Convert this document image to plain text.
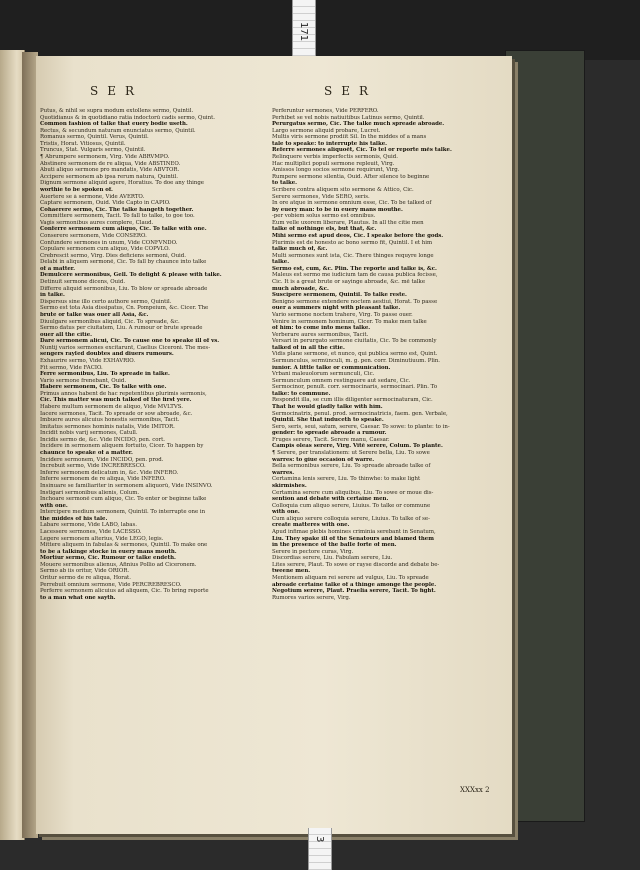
171
SER	SER
Putus, & nihil se supra modum extollens sermo, Quintil.
Quotidianus & in quotidiano ratia indoctorũ cadis sermo, Quint.
Common fashion of talke that euery bodie useth.
Rectus, & secundum naturam enunciatus sermo, Quintil.
Romanus sermo, Quintil. Verus, Quintil.
Tristis, Horat. Vitiosus, Quintil.
Truncus, Stat. Vulgaris sermo, Quintil.
¶ Abrumpere sermonem, Virg. Vide ABRVMPO.
Abstinere sermonem de re aliqua, Vide ABSTINEO.
Abuti aliquo sermone pro mandatis, Vide ABVTOR.
Accipere sermonem ab ipsa rerum natura, Quintil.
Dignum sermone aliquid agere, Horatius. To doe any thinge
worthie to be spoken of.
Auertere se à sermone, Vide AVERTO.
Captare sermonem, Ouid. Vide Capto in CAPIO.
Cohaerere sermo, Cic. The talke hangeth together.
Committere sermonem, Tacit. To fall to talke, to goe too.
Vagis sermonibus aures complere, Claud.
Conferre sermonem cum aliquo, Cic. To talke with one.
Conserere sermonem, Vide CONSERO.
Confundere sermones in unum, Vide CONFVNDO.
Copulare sermonem cum aliquo, Vide COPVLO.
Crebrescit sermo, Virg. Dies deficiens sermoni, Ouid.
Delabi in aliquem sermonẽ, Cic. To fall by chaunce into talke
of a matter.
Demulcere sermonibus, Gell. To delight & please with talke.
Detinuit sermone dicens, Ouid.
Differre aliquid sermonibus, Liu. To blow or spreade abroade
in talke.
Dispersus sine illo certo authore sermo, Quintil.
Sermo est tota Asia dissipatus, Cn. Pompeium, &c. Cicer. The
brute or talke was ouer all Asia, &c.
Diuulgare sermonibus aliquid, Cic. To spreade, &c.
Sermo datus per ciuitatem, Liu. A rumour or brute spreade
ouer all the citie.
Dare sermonem alicui, Cic. To cause one to speake ill of vs.
Nuntij varios sermones excitarunt, Caelius Ciceroni. The mes-
sengers rayſed doubtes and diuers rumours.
Exhaurire sermo, Vide EXHAVRIO.
Fit sermo, Vide FACIO.
Ferre sermonibus, Liu. To spreade in talke.
Vario sermone frenebant, Ouid.
Habere sermonem, Cic. To talke with one.
Primus annos habent de hac repetentibus plurimis sermonis,
Cic. This matter was much talked of the first yere.
Habere multum sermonem de aliquo, Vide MVLTVS.
Iacere sermones, Tacit. To spreade or sow abroade, &c.
Imbuere aures alicuius honestis sermonibus, Tacit.
Imitatus sermones hominis natalis, Vide IMITOR.
Incidit nobis varij sermones, Catull.
Incidis sermo de, &c. Vide INCIDO, pen. cort.
Incidere in sermonem aliquem fortuito, Cicer. To happen by
chaunce to speake of a matter.
Incidere sermonem, Vide INCIDO, pen. prod.
Increbuit sermo, Vide INCREBRESCO.
Inferre sermonem delicatum in, &c. Vide INFERO.
Inferre sermonem de re aliqua, Vide INFERO.
Insinuare se familiariter in sermonem aliquorũ, Vide INSINVO.
Instigari sermonibus alienis, Colum.
Inchoare sermonẽ cum aliquo, Cic. To enter or beginne talke
with one.
Intercipere medium sermonem, Quintil. To interrupte one in
the middes of his tale.
Labare sermone, Vide LABO, labas.
Lacessere sermones, Vide LACESSO.
Legere sermonem alterius, Vide LEGO, legis.
Mittere aliquem in fabulas & sermones, Quintil. To make one
to be a talkinge stocke in euery mans mouth.
Mortiur sermo, Cic. Rumour or talke endeth.
Mouere sermonibus alienus, Afinius Pollio ad Ciceronem.
Sermo ab iis oritur, Vide ORIOR.
Oritur sermo de re aliqua, Horat.
Perrebuit omnium sermone, Vide PERCREBRESCO.
Perferre sermonem alicuius ad aliquem, Cic. To bring reporte
to a man what one sayth.
Perferuntur sermones, Vide PERFERO.
Perhibet se vel nobis natiuitibus Latinus sermo, Quintil.
Perurgatus sermo, Cic. The talke much spreade abroade.
Largo sermone aliquid probare, Lucret.
Multis viris sermone prodiĩt Sil. In the middes of a mans
tale to speake: to interrupte his talke.
Referre sermones aliquoẽt, Cic. To tel or reporte mẽs talke.
Relinquere verbis imperfectis sermonis, Quid.
Hac multiplici populi sermone repleuit, Virg.
Amissos longo socios sermone requirunt, Virg.
Rumpere sermone silentia, Ouid. After silence to beginne
to talke.
Scribere contra aliquem sito sermone & Attico, Cic.
Serere sermones, Vide SERO, seris.
In ore atque in sermone omnium esse, Cic. To be talked of
by euery man: to be in euery mans mouthe.
-per vobiem solus sermo est omnibus.
Eum velle uxorem liberare, Plautus. In all the citie men
talke of nothinge els, but that, &c.
Mihi sermo est apud deos, Cic. I speake before the gods.
Plurimis est de honesto ac bono sermo fit, Quintil. I et him
talke much of, &c.
Multi sermones sunt ista, Cic. There thinges requyre longe
talke.
Sermo est, cum, &c. Plin. The reporte and talke is, &c.
Maleus est sermo me iudicium tam de causa publica fecisse,
Cic. It is a great brute or sayinge abroade, &c. mẽ talke
much abroade, &c.
Suscipere sermonem, Quintil. To talke reste.
Benigno sermone extendere noctem aestiui, Horat. To passe
ouer a summers night with pleasant talke.
Vario sermone noctem trahere, Virg. To passe ouer.
Venire in sermonem hominum, Cicer. To make men talke
of him: to come into mens talke.
Verberare aures sermonibus, Tacit.
Versari in perurgato sermone ciuitatis, Cic. To be commonly
talked of in all the citie.
Vidis plane sermone, et nunco, qui publica sermo est, Quint.
Sermunculus, sermũnculi, m. g. pen. corr. Diminutiuum. Plin.
iunior. A little talke or communication.
Vrbani maleuolorum sermunculi, Cic.
Sermunculum omnem restinguere aut sedare, Cic.
Sermocinor, penult. corr. sermocinaris, sermocinari. Plin. To
talke: to commune.
Respondit illa, se cum illis diligenter sermocinaturam, Cic.
That he would gladly talke with him.
Sermocinatrix, penul. prod. sermocinatricis, faem. gen. Verbale,
Quintil. She that induceth to speake.
Sero, seris, seui, satum, serere, Caesar. To sowe: to plante: to in-
gender: to spreade abroade a rumour.
Fruges serere, Tacit. Serere manu, Caesar.
Campis oleas serere, Virg. Vitẽ serere, Colum. To plante.
¶ Serere, per translationem: ut Serere bella, Liu. To sowe
warres: to giue occasion of warre.
Bella sermonibus serere, Liu. To spreade abroade talke of
warres.
Certamina lenis serere, Liu. To thinwhe: to make light
skirmishes.
Certamina serere cum aliquibus, Liu. To sowe or moue dis-
sention and debate with certaine men.
Colloquia cum aliquo serere, Liuius. To talke or commune
with one.
Cum aliquo serere colloquia serere, Liuius. To talke of se-
create matteres with one.
Apud infimae plebis homines criminia serebant in Senatum,
Liu. They spake ill of the Senatours and blamed them
in the presence of the baſſe forte of men.
Serere in pectore curas, Virg.
Discordias serere, Liu. Fabulam serere, Liu.
Lites serere, Plaut. To sowe or rayse discorde and debate be-
tweene men.
Mentionem aliquam rei serere ad vulgus, Liu. To spreade
abroade certaine talke of a thinge amonge the people.
Negotium serere, Plaut. Praelia serere, Tacit. To fight.
Rumores varios serere, Virg.
XXXxx 2
3
